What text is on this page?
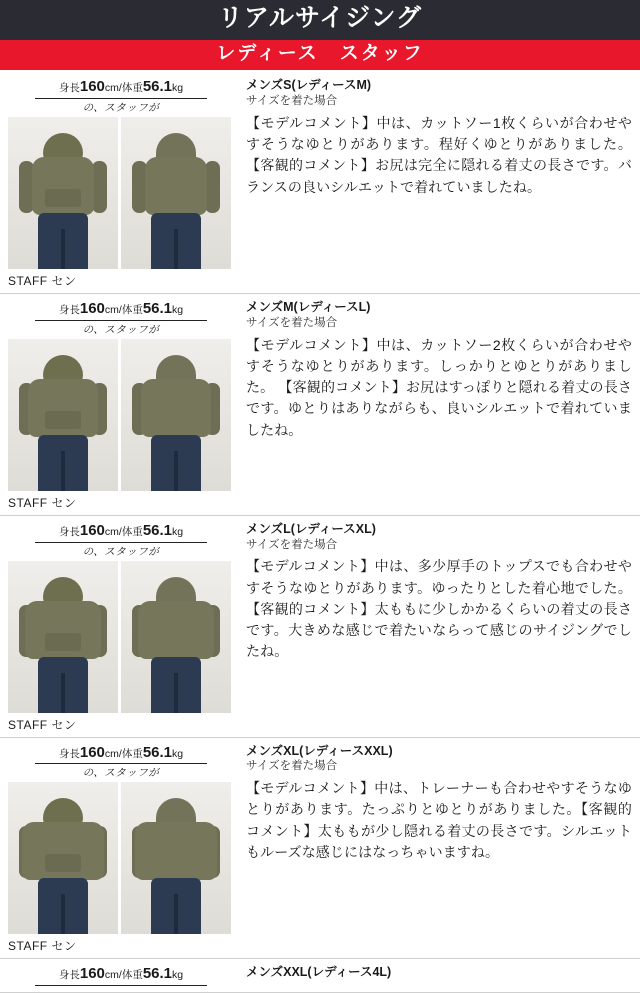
リアルサイジング
レディース　スタッフ
身長160cm/体重56.1kg
の、スタッフが
STAFF セン

メンズS(レディースM)

サイズを着た場合

【モデルコメント】中は、カットソー1枚くらいが合わせやすそうなゆとりがあります。程好くゆとりがありました。【客観的コメント】お尻は完全に隠れる着丈の長さです。バランスの良いシルエットで着れていましたね。

身長160cm/体重56.1kg
の、スタッフが
STAFF セン

メンズM(レディースL)

サイズを着た場合

【モデルコメント】中は、カットソー2枚くらいが合わせやすそうなゆとりがあります。しっかりとゆとりがありました。 【客観的コメント】お尻はすっぽりと隠れる着丈の長さです。ゆとりはありながらも、良いシルエットで着れていましたね。

身長160cm/体重56.1kg
の、スタッフが
STAFF セン

メンズL(レディースXL)

サイズを着た場合

【モデルコメント】中は、多少厚手のトップスでも合わせやすそうなゆとりがあります。ゆったりとした着心地でした。【客観的コメント】太ももに少しかかるくらいの着丈の長さです。大きめな感じで着たいならって感じのサイジングでしたね。

身長160cm/体重56.1kg
の、スタッフが
STAFF セン

メンズXL(レディースXXL)

サイズを着た場合

【モデルコメント】中は、トレーナーも合わせやすそうなゆとりがあります。たっぷりとゆとりがありました。【客観的コメント】太ももが少し隠れる着丈の長さです。シルエットもルーズな感じにはなっちゃいますね。

身長160cm/体重56.1kg	メンズXXL(レディース4L)
